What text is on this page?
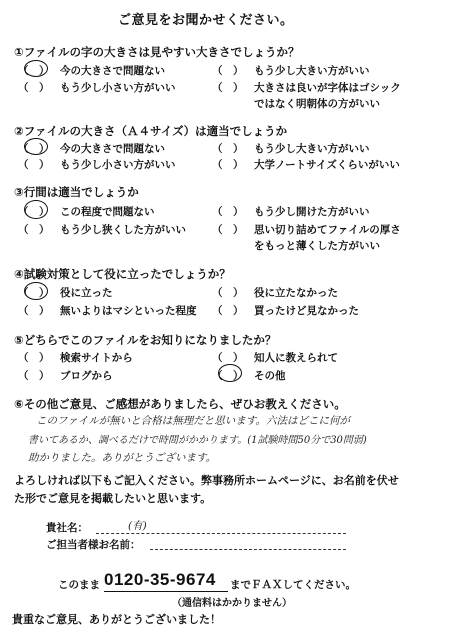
ご意見をお聞かせください。
①ファイルの字の大きさは見やすい大きさでしょうか？
（　） 今の大きさで問題ない	（　） もう少し大きい方がいい
（　） もう少し小さい方がいい	（　） 大きさは良いが字体はゴシック
ではなく明朝体の方がいい
②ファイルの大きさ（Ａ４サイズ）は適当でしょうか
（　） 今の大きさで問題ない	（　） もう少し大きい方がいい
（　） もう少し小さい方がいい	（　） 大学ノートサイズくらいがいい
③行間は適当でしょうか
（　） この程度で問題ない	（　） もう少し開けた方がいい
（　） もう少し狭くした方がいい （　） 思い切り詰めてファイルの厚さ
をもっと薄くした方がいい
④試験対策として役に立ったでしょうか？
（　） 役に立った	（　） 役に立たなかった
（　） 無いよりはマシといった程度 （　） 買ったけど見なかった
⑤どちらでこのファイルをお知りになりましたか？
（　） 検索サイトから	（　） 知人に教えられて
（　） ブログから	（　） その他
⑥その他ご意見、ご感想がありましたら、ぜひお教えください。
このファイルが無いと合格は無理だと思います。六法はどこに何が
書いてあるか、調べるだけで時間がかかります。(1試験時間50分で30問弱)
助かりました。ありがとうございます。
よろしければ以下もご記入ください。弊事務所ホームページに、お名前を伏せ
た形でご意見を掲載したいと思います。
貴社名：	(有)
ご担当者様お名前：
このまま 0120-35-9674 までＦＡＸしてください。
（通信料はかかりません）
貴重なご意見、ありがとうございました！
